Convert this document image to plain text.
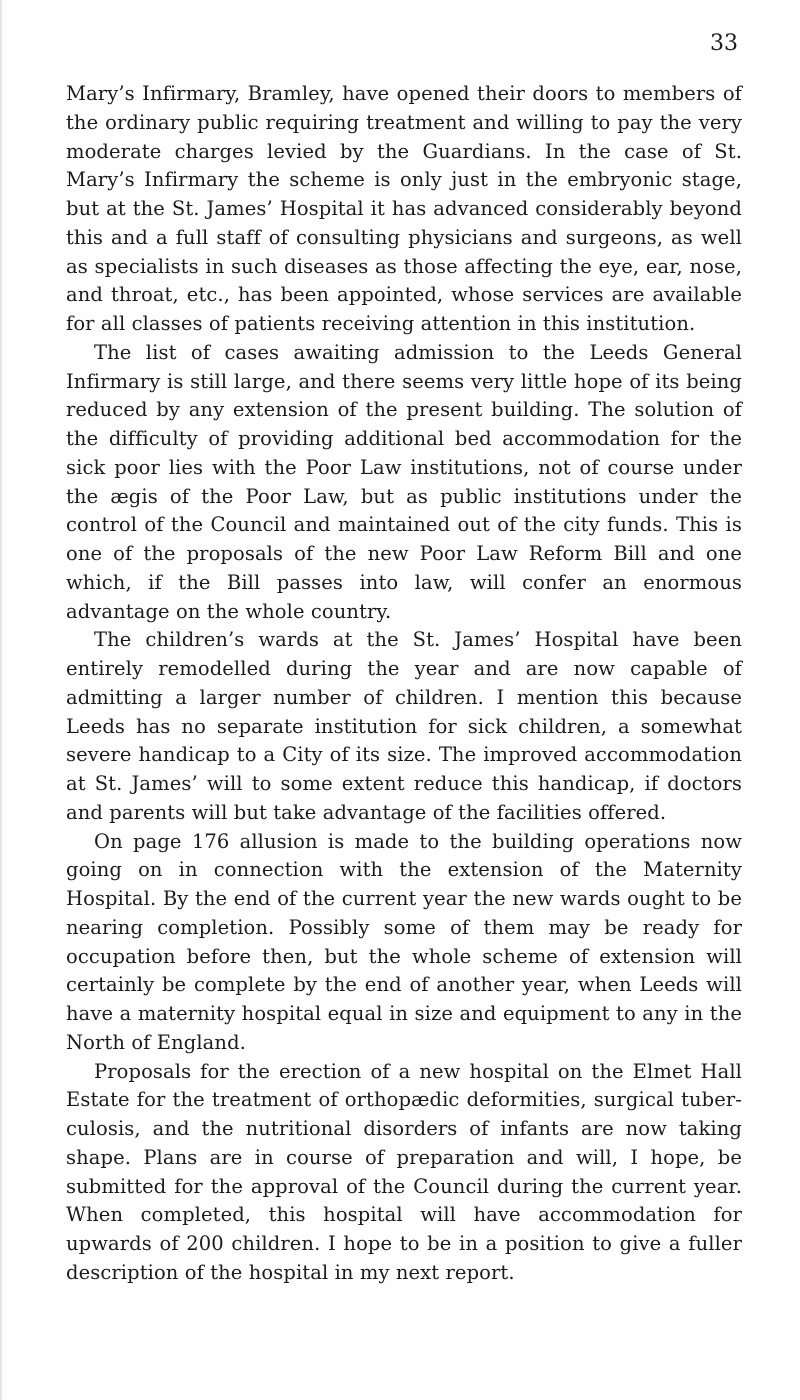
33

Mary’s Infirmary, Bramley, have opened their doors to members of the ordinary public requiring treatment and willing to pay the very moderate charges levied by the Guardians. In the case of St. Mary’s Infirmary the scheme is only just in the embryonic stage, but at the St. James’ Hospital it has advanced considerably beyond this and a full staff of consulting physicians and surgeons, as well as specialists in such diseases as those affecting the eye, ear, nose, and throat, etc., has been appointed, whose services are available for all classes of patients receiving attention in this institution.

The list of cases awaiting admission to the Leeds General Infirmary is still large, and there seems very little hope of its being reduced by any extension of the present building. The solution of the difficulty of providing additional bed accommodation for the sick poor lies with the Poor Law institutions, not of course under the ægis of the Poor Law, but as public institutions under the control of the Council and maintained out of the city funds. This is one of the proposals of the new Poor Law Reform Bill and one which, if the Bill passes into law, will confer an enormous advantage on the whole country.

The children’s wards at the St. James’ Hospital have been entirely remodelled during the year and are now capable of admitting a larger number of children. I mention this because Leeds has no separate institution for sick children, a somewhat severe handicap to a City of its size. The improved accommodation at St. James’ will to some extent reduce this handicap, if doctors and parents will but take advantage of the facilities offered.

On page 176 allusion is made to the building operations now going on in connection with the extension of the Maternity Hospital. By the end of the current year the new wards ought to be nearing completion. Possibly some of them may be ready for occupation before then, but the whole scheme of extension will certainly be complete by the end of another year, when Leeds will have a maternity hospital equal in size and equipment to any in the North of England.

Proposals for the erection of a new hospital on the Elmet Hall Estate for the treatment of orthopædic deformities, surgical tuber- culosis, and the nutritional disorders of infants are now taking shape. Plans are in course of preparation and will, I hope, be submitted for the approval of the Council during the current year. When completed, this hospital will have accommodation for upwards of 200 children. I hope to be in a position to give a fuller description of the hospital in my next report.
